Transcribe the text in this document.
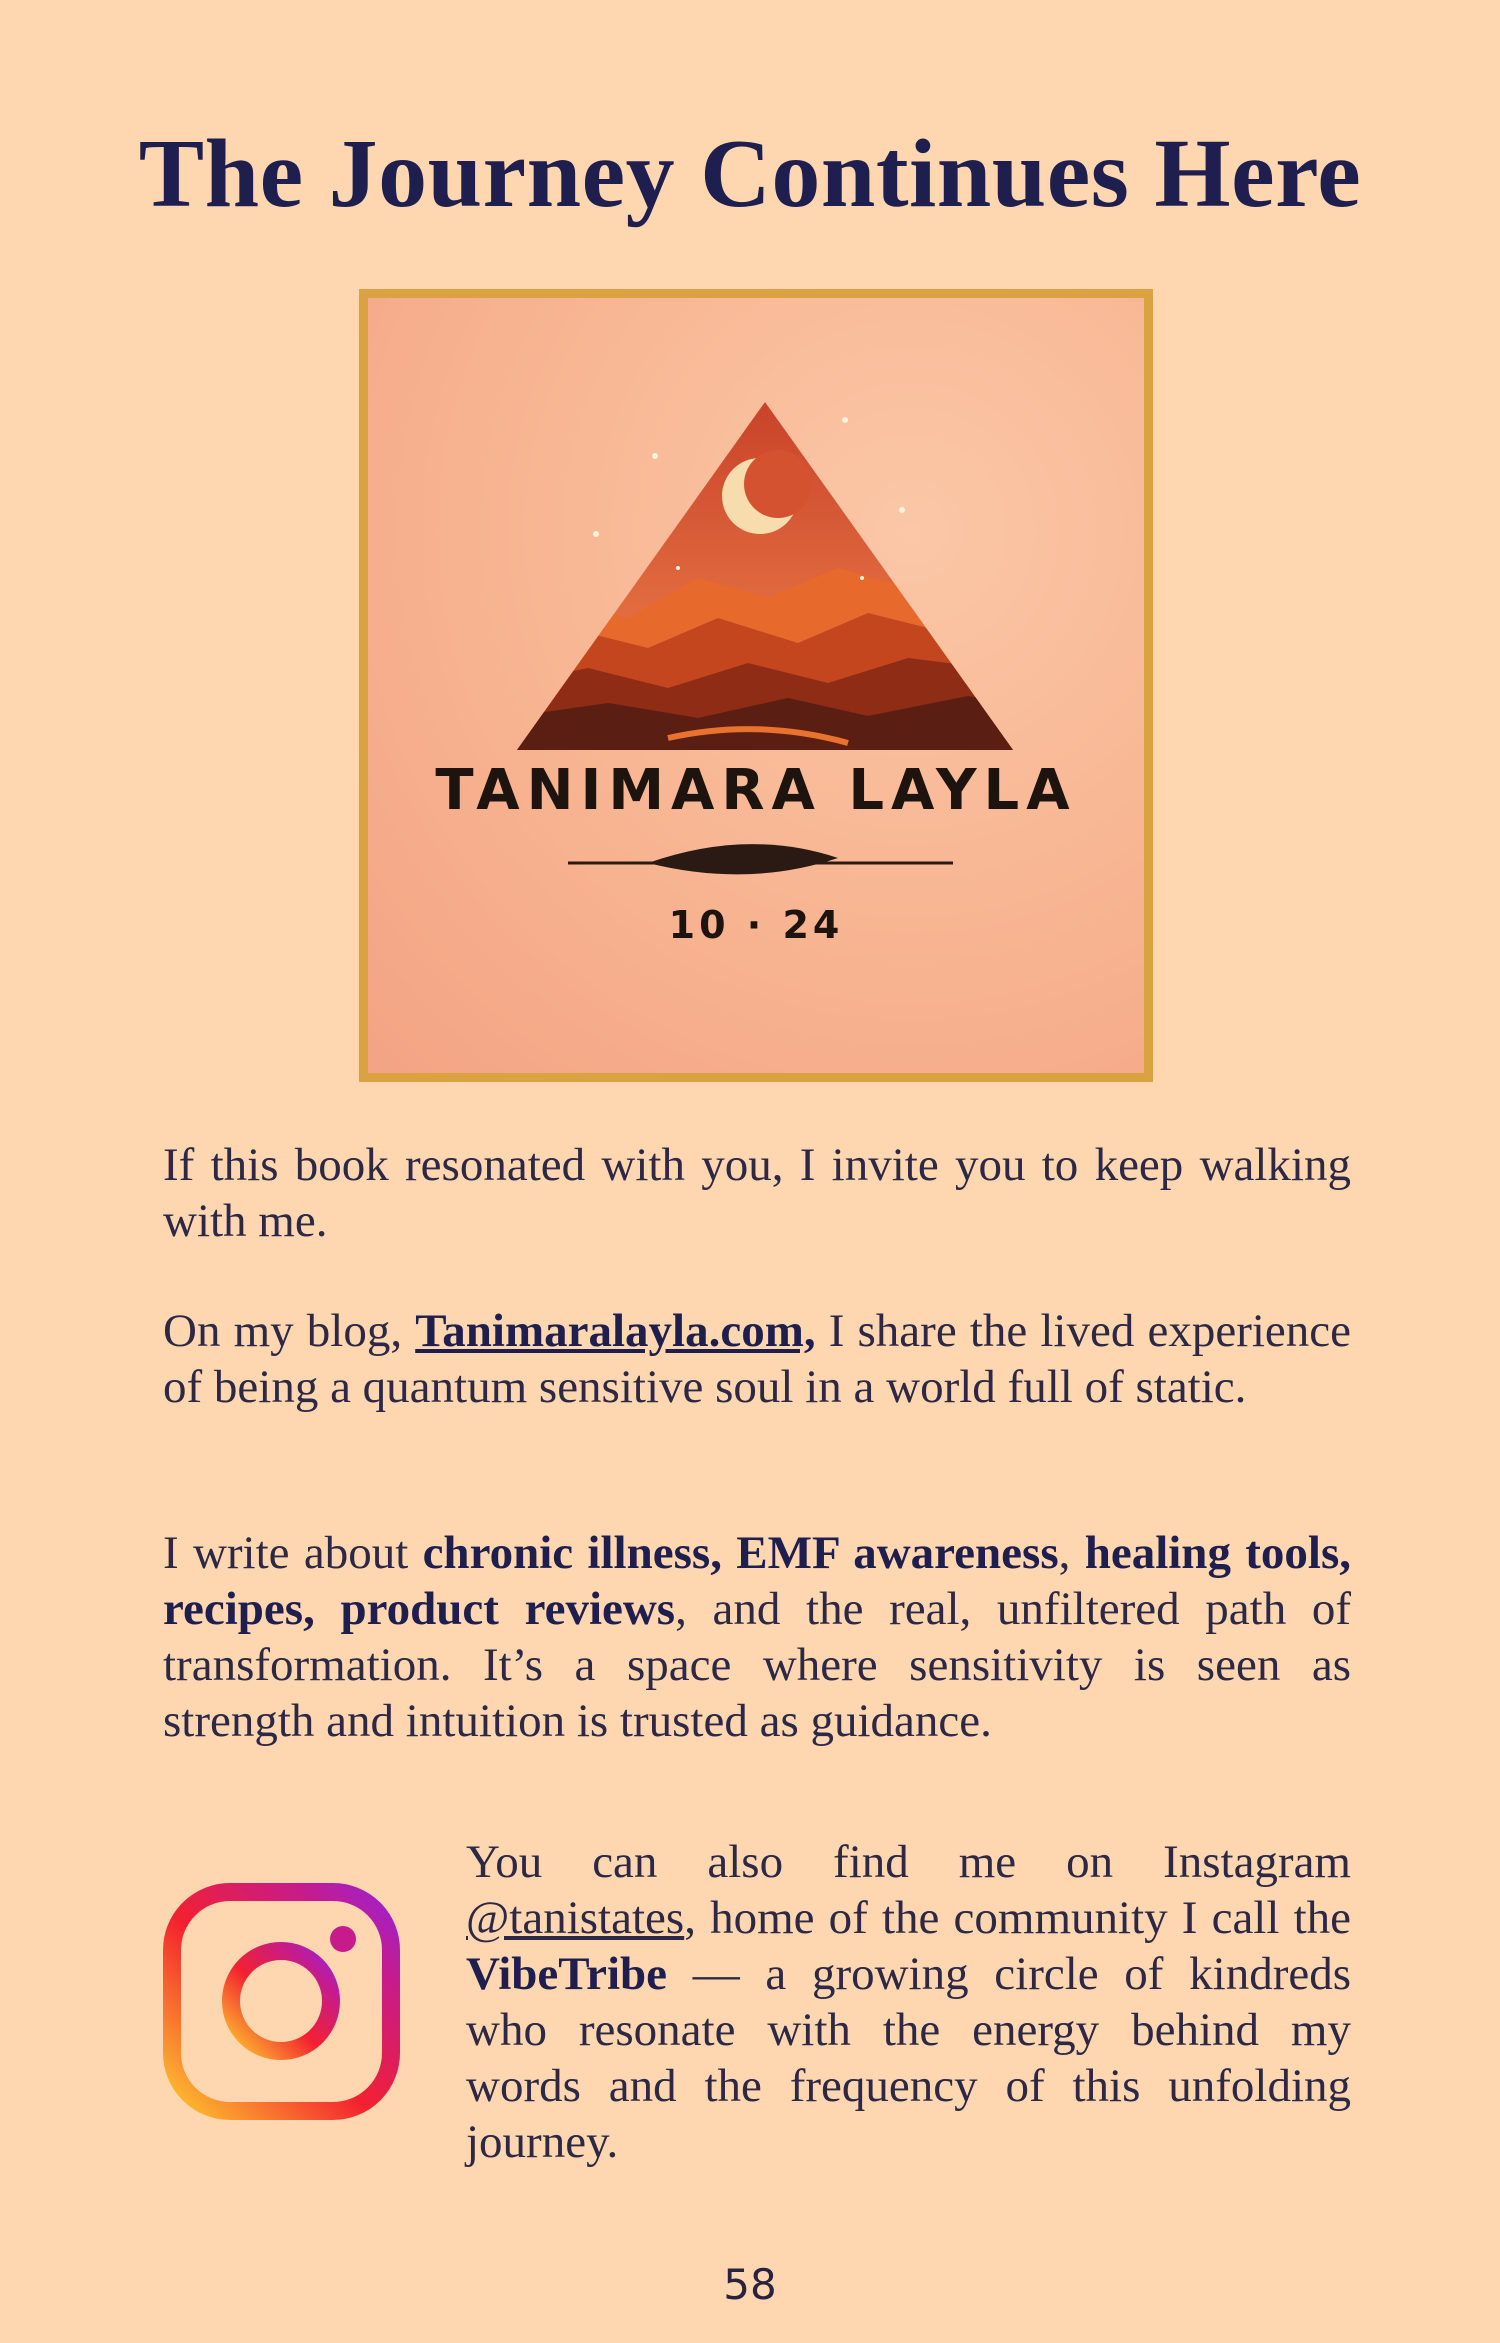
The Journey Continues Here

TANIMARA LAYLA

10 · 24

If this book resonated with you, I invite you to keep walking with me.

On my blog, Tanimaralayla.com, I share the lived experience of being a quantum sensitive soul in a world full of static.

I write about chronic illness, EMF awareness, healing tools, recipes, product reviews, and the real, unfiltered path of transformation. It’s a space where sensitivity is seen as strength and intuition is trusted as guidance.

You can also find me on Instagram @tanistates, home of the community I call the VibeTribe — a growing circle of kindreds who resonate with the energy behind my words and the frequency of this unfolding journey.

58
